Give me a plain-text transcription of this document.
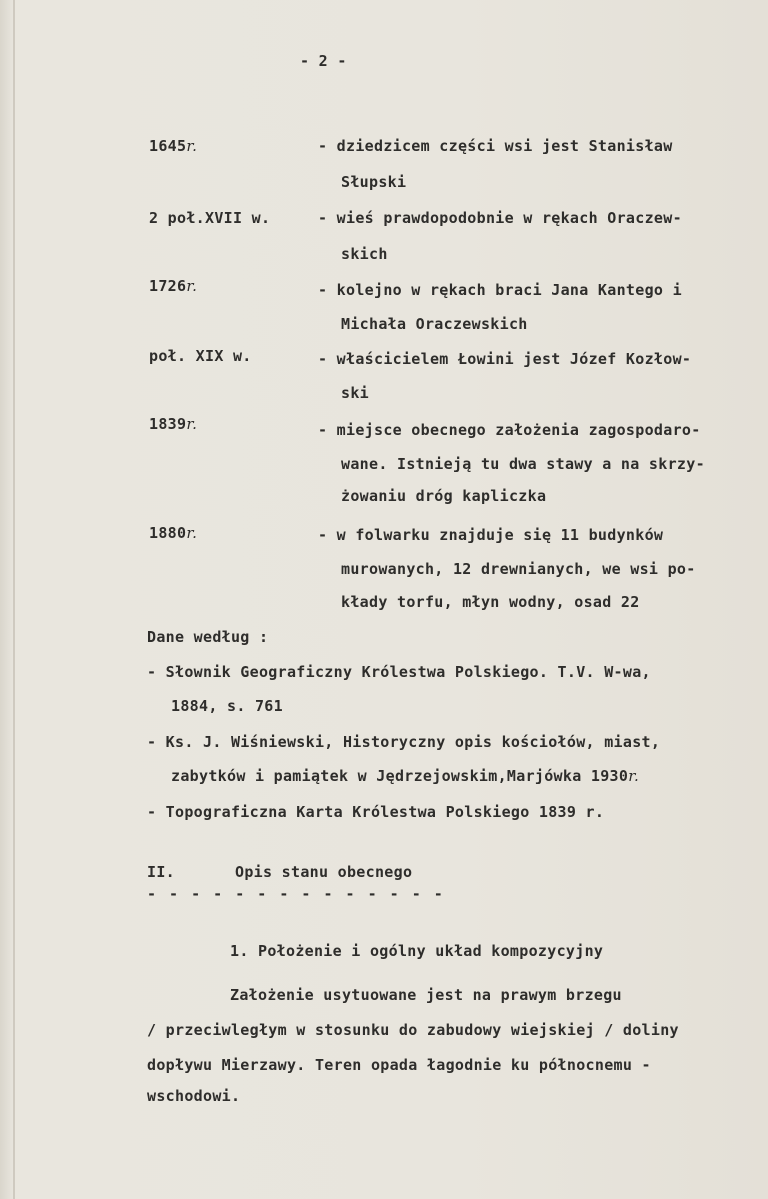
- 2 -
1645r.	- dziedzicem części wsi jest Stanisław
Słupski
2 poł.XVII w.	- wieś prawdopodobnie w rękach Oraczew-
skich
1726r.	- kolejno w rękach braci Jana Kantego i
Michała Oraczewskich
poł. XIX w.	- właścicielem Łowini jest Józef Kozłow-
ski
1839r.	- miejsce obecnego założenia zagospodaro-
wane. Istnieją tu dwa stawy a na skrzy-
żowaniu dróg kapliczka
1880r.	- w folwarku znajduje się 11 budynków
murowanych, 12 drewnianych, we wsi po-
kłady torfu, młyn wodny, osad 22
Dane według :
- Słownik Geograficzny Królestwa Polskiego. T.V. W-wa,
1884, s. 761
- Ks. J. Wiśniewski, Historyczny opis kościołów, miast,
zabytków i pamiątek w Jędrzejowskim,Marjówka 1930r.
- Topograficzna Karta Królestwa Polskiego 1839 r.
II.	Opis stanu obecnego
- - - - - - - - - - - - - -
1. Położenie i ogólny układ kompozycyjny
Założenie usytuowane jest na prawym brzegu
/ przeciwległym w stosunku do zabudowy wiejskiej / doliny
dopływu Mierzawy. Teren opada łagodnie ku północnemu -
wschodowi.
